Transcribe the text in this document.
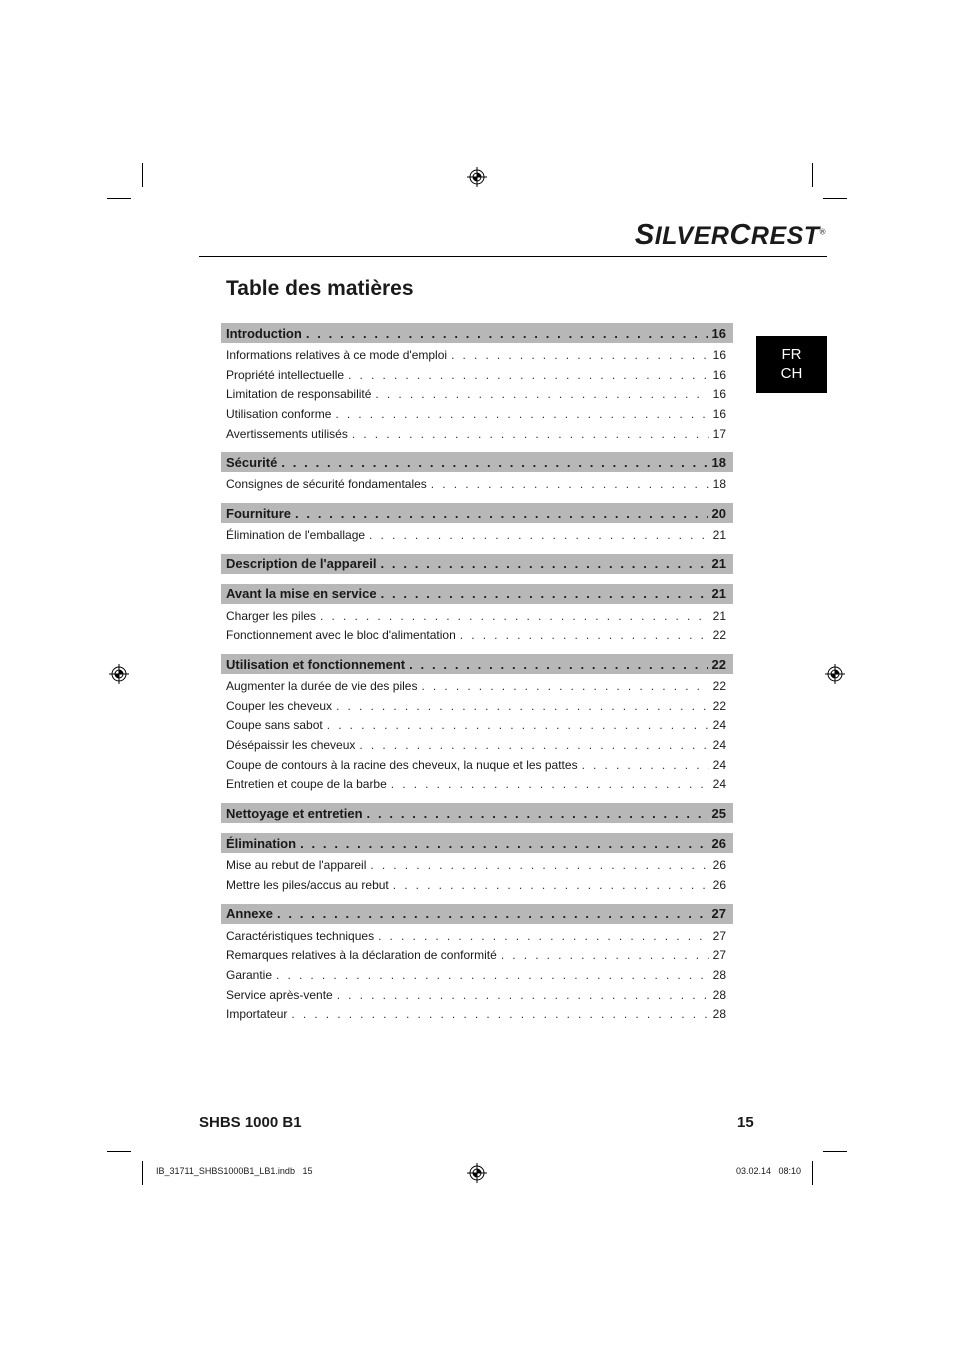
SILVERCREST®
Table des matières
FR
CH
Introduction . . .	16
Informations relatives à ce mode d'emploi . . .	16
Propriété intellectuelle . . .	16
Limitation de responsabilité . . .	16
Utilisation conforme . . .	16
Avertissements utilisés . . .	17
Sécurité . . .	18
Consignes de sécurité fondamentales . . .	18
Fourniture . . .	20
Élimination de l'emballage . . .	21
Description de l'appareil . . .	21
Avant la mise en service . . .	21
Charger les piles . . .	21
Fonctionnement avec le bloc d'alimentation . . .	22
Utilisation et fonctionnement . . .	22
Augmenter la durée de vie des piles . . .	22
Couper les cheveux . . .	22
Coupe sans sabot . . .	24
Désépaissir les cheveux . . .	24
Coupe de contours à la racine des cheveux, la nuque et les pattes . . .	24
Entretien et coupe de la barbe . . .	24
Nettoyage et entretien . . .	25
Élimination . . .	26
Mise au rebut de l'appareil . . .	26
Mettre les piles/accus au rebut . . .	26
Annexe . . .	27
Caractéristiques techniques . . .	27
Remarques relatives à la déclaration de conformité . . .	27
Garantie . . .	28
Service après-vente . . .	28
Importateur . . .	28
SHBS 1000 B1	15
IB_31711_SHBS1000B1_LB1.indb   15	03.02.14   08:10
